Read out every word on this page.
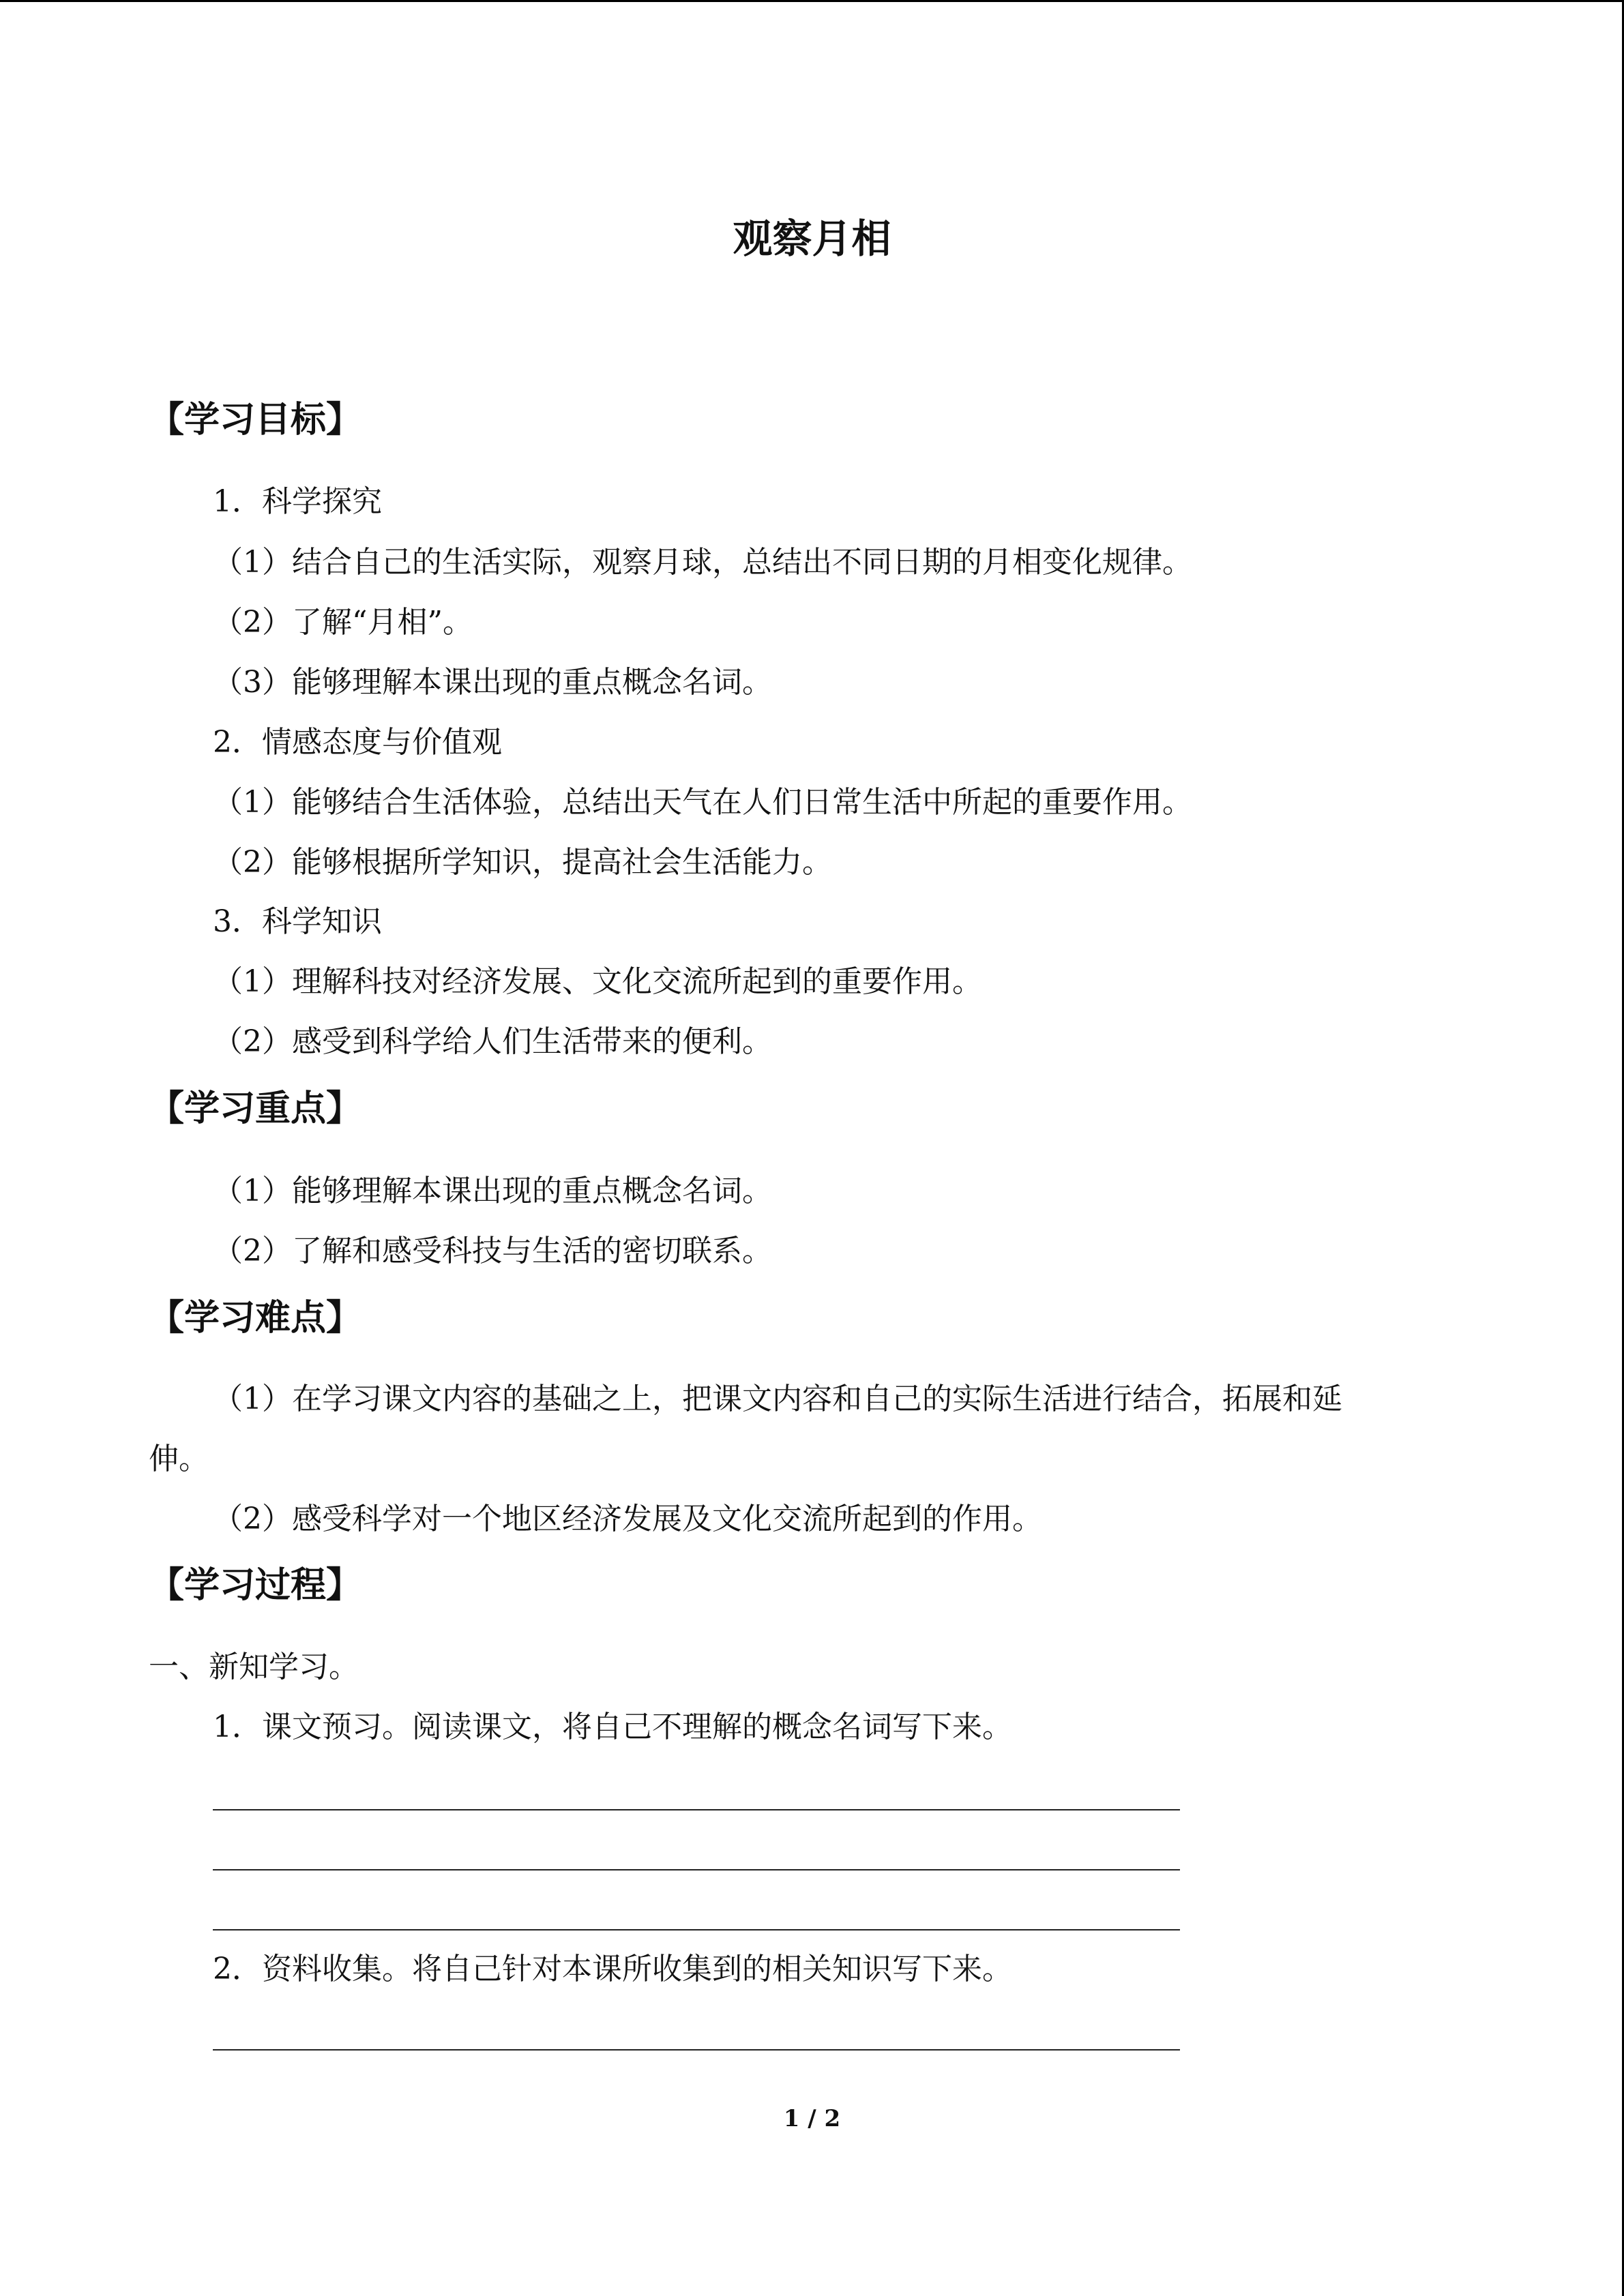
观察月相
【学习目标】
1．科学探究
（1）结合自己的生活实际，观察月球，总结出不同日期的月相变化规律。
（2）了解“月相”。
（3）能够理解本课出现的重点概念名词。
2．情感态度与价值观
（1）能够结合生活体验，总结出天气在人们日常生活中所起的重要作用。
（2）能够根据所学知识，提高社会生活能力。
3．科学知识
（1）理解科技对经济发展、文化交流所起到的重要作用。
（2）感受到科学给人们生活带来的便利。
【学习重点】
（1）能够理解本课出现的重点概念名词。
（2）了解和感受科技与生活的密切联系。
【学习难点】
（1）在学习课文内容的基础之上，把课文内容和自己的实际生活进行结合，拓展和延
伸。
（2）感受科学对一个地区经济发展及文化交流所起到的作用。
【学习过程】
一、新知学习。
1．课文预习。阅读课文，将自己不理解的概念名词写下来。
2．资料收集。将自己针对本课所收集到的相关知识写下来。
1 / 2
